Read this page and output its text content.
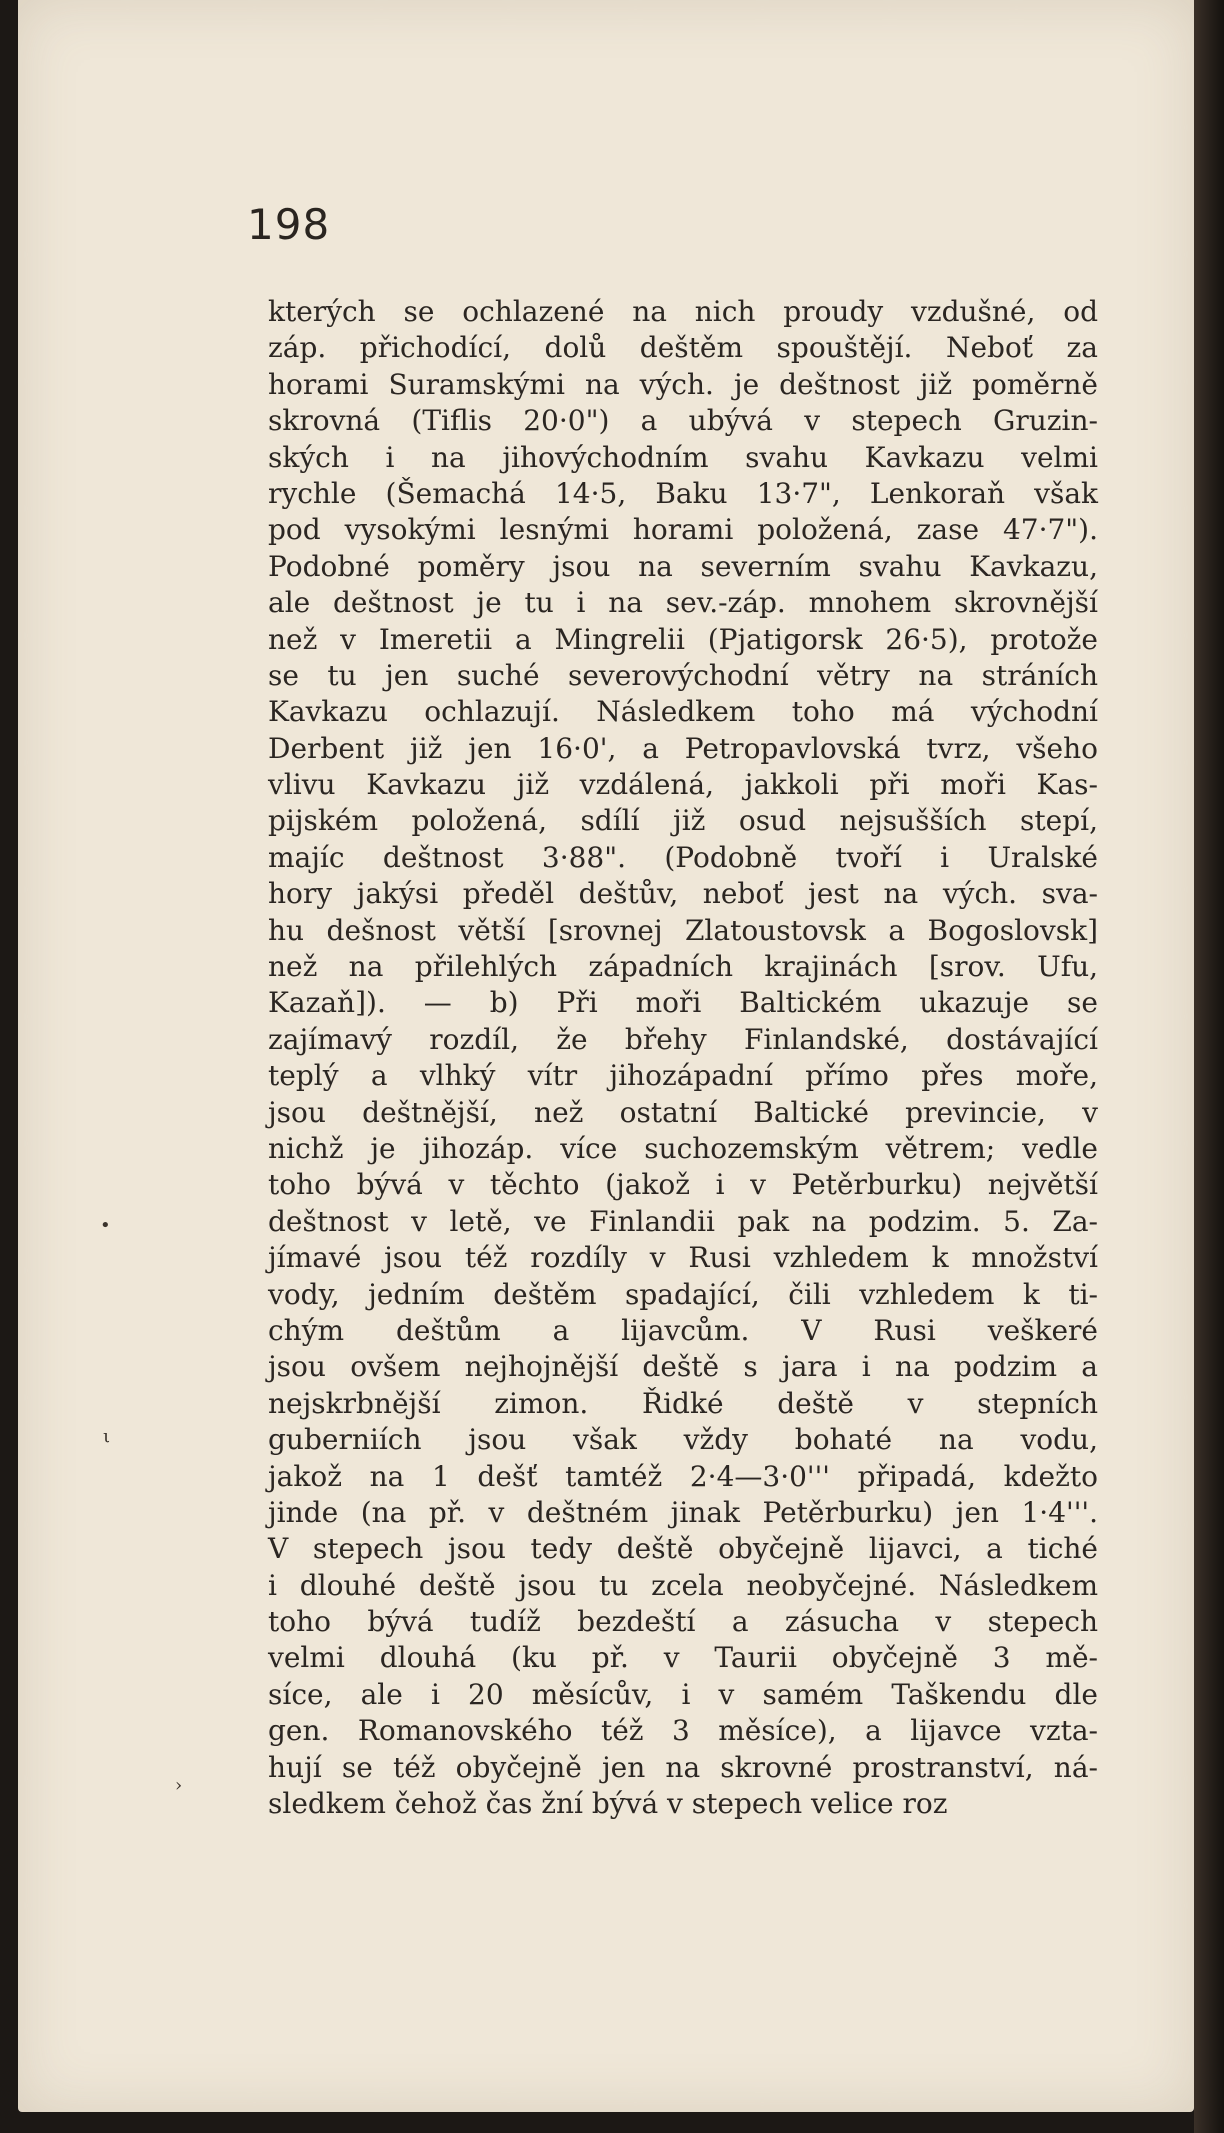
198
kterých se ochlazené na nich proudy vzdušné, od
záp. přichodící, dolů deštěm spouštějí. Neboť za
horami Suramskými na vých. je deštnost již poměrně
skrovná (Tiflis 20·0") a ubývá v stepech Gruzin-
ských i na jihovýchodním svahu Kavkazu velmi
rychle (Šemachá 14·5, Baku 13·7", Lenkoraň však
pod vysokými lesnými horami položená, zase 47·7").
Podobné poměry jsou na severním svahu Kavkazu,
ale deštnost je tu i na sev.-záp. mnohem skrovnější
než v Imeretii a Mingrelii (Pjatigorsk 26·5), protože
se tu jen suché severovýchodní větry na stráních
Kavkazu ochlazují. Následkem toho má východní
Derbent již jen 16·0', a Petropavlovská tvrz, všeho
vlivu Kavkazu již vzdálená, jakkoli při moři Kas-
pijském položená, sdílí již osud nejsušších stepí,
majíc deštnost 3·88". (Podobně tvoří i Uralské
hory jakýsi předěl deštův, neboť jest na vých. sva-
hu dešnost větší [srovnej Zlatoustovsk a Bogoslovsk]
než na přilehlých západních krajinách [srov. Ufu,
Kazaň]). — b) Při moři Baltickém ukazuje se
zajímavý rozdíl, že břehy Finlandské, dostávající
teplý a vlhký vítr jihozápadní přímo přes moře,
jsou deštnější, než ostatní Baltické previncie, v
nichž je jihozáp. více suchozemským větrem; vedle
toho bývá v těchto (jakož i v Petěrburku) největší
deštnost v letě, ve Finlandii pak na podzim. 5. Za-
jímavé jsou též rozdíly v Rusi vzhledem k množství
vody, jedním deštěm spadající, čili vzhledem k ti-
chým deštům a lijavcům. V Rusi veškeré
jsou ovšem nejhojnější deště s jara i na podzim a
nejskrbnější zimon. Řidké deště v stepních
guberniích jsou však vždy bohaté na vodu,
jakož na 1 dešť tamtéž 2·4—3·0''' připadá, kdežto
jinde (na př. v deštném jinak Petěrburku) jen 1·4'''.
V stepech jsou tedy deště obyčejně lijavci, a tiché
i dlouhé deště jsou tu zcela neobyčejné. Následkem
toho bývá tudíž bezdeští a zásucha v stepech
velmi dlouhá (ku př. v Taurii obyčejně 3 mě-
síce, ale i 20 měsícův, i v samém Taškendu dle
gen. Romanovského též 3 měsíce), a lijavce vzta-
hují se též obyčejně jen na skrovné prostranství, ná-
sledkem čehož čas žní bývá v stepech velice roz
•
ι
›
